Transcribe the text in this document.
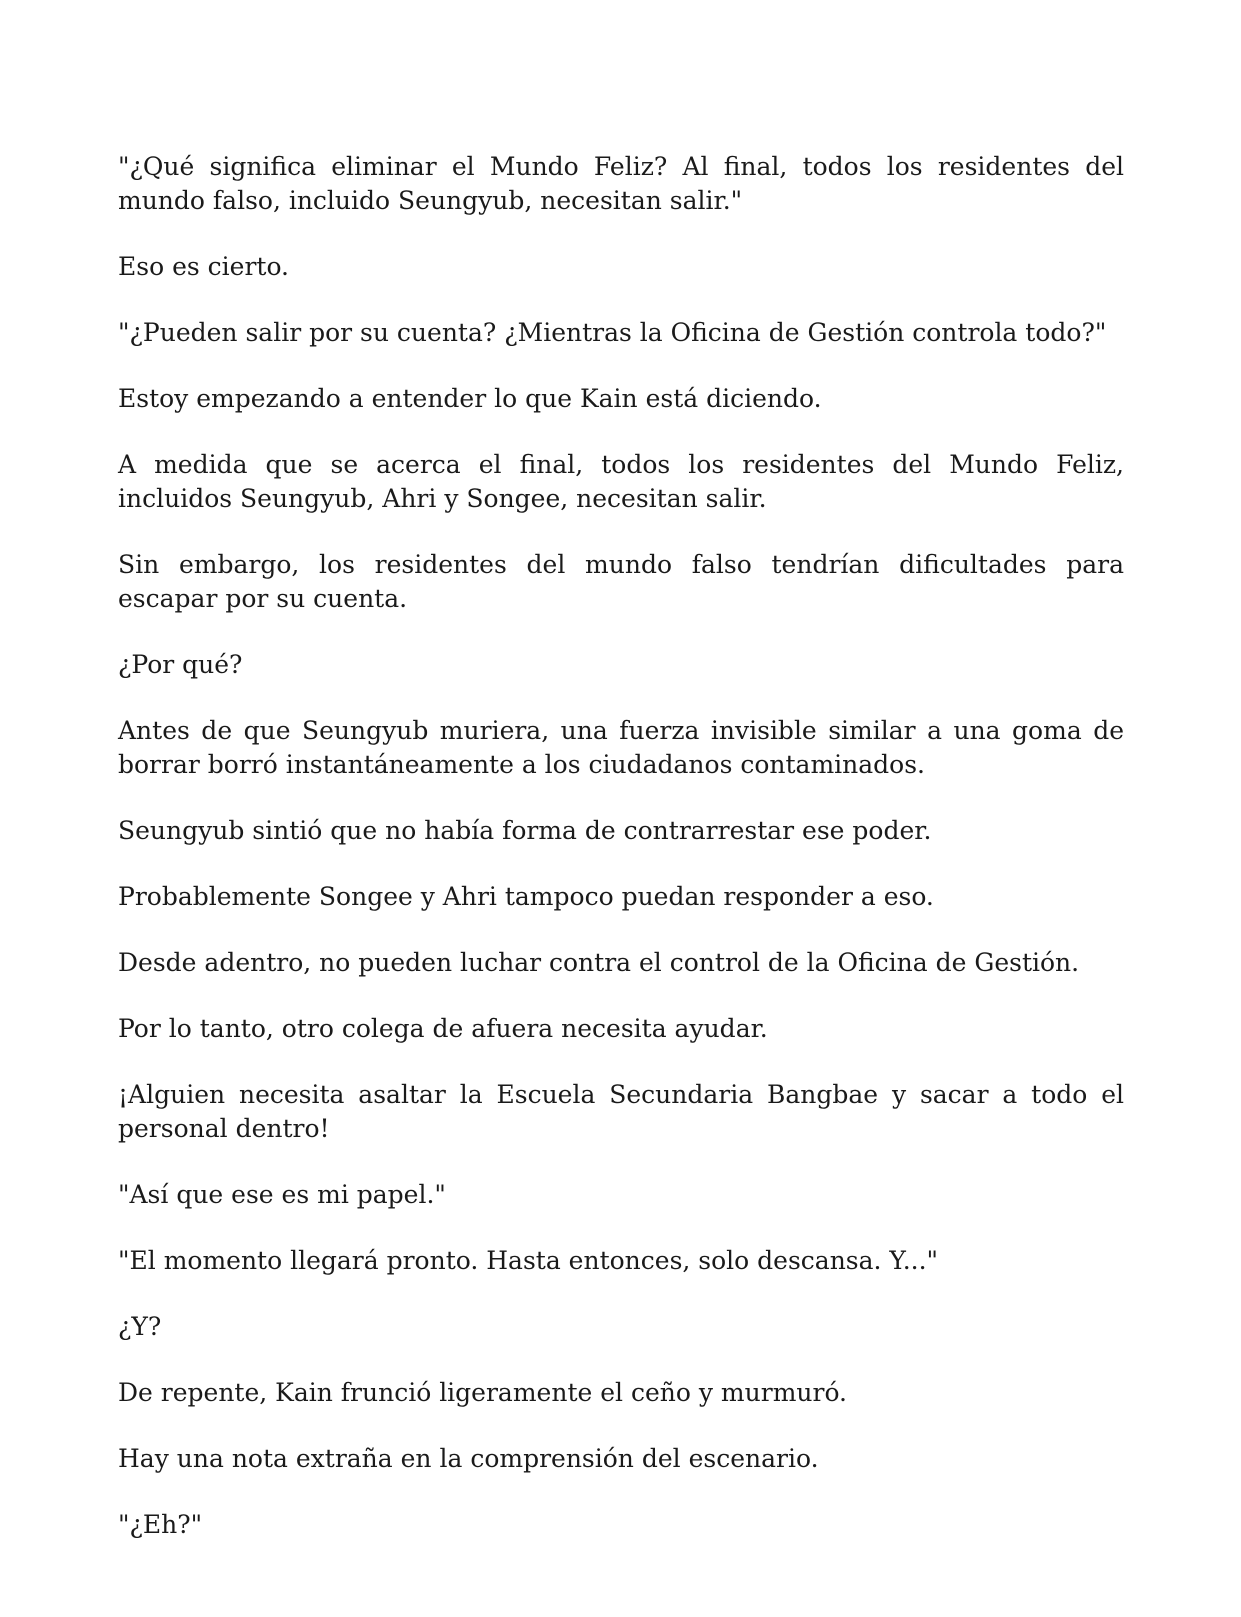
"¿Qué significa eliminar el Mundo Feliz? Al final, todos los residentes del mundo falso, incluido Seungyub, necesitan salir."

Eso es cierto.

"¿Pueden salir por su cuenta? ¿Mientras la Oficina de Gestión controla todo?"

Estoy empezando a entender lo que Kain está diciendo.

A medida que se acerca el final, todos los residentes del Mundo Feliz, incluidos Seungyub, Ahri y Songee, necesitan salir.

Sin embargo, los residentes del mundo falso tendrían dificultades para escapar por su cuenta.

¿Por qué?

Antes de que Seungyub muriera, una fuerza invisible similar a una goma de borrar borró instantáneamente a los ciudadanos contaminados.

Seungyub sintió que no había forma de contrarrestar ese poder.

Probablemente Songee y Ahri tampoco puedan responder a eso.

Desde adentro, no pueden luchar contra el control de la Oficina de Gestión.

Por lo tanto, otro colega de afuera necesita ayudar.

¡Alguien necesita asaltar la Escuela Secundaria Bangbae y sacar a todo el personal dentro!

"Así que ese es mi papel."

"El momento llegará pronto. Hasta entonces, solo descansa. Y..."

¿Y?

De repente, Kain frunció ligeramente el ceño y murmuró.

Hay una nota extraña en la comprensión del escenario.

"¿Eh?"
